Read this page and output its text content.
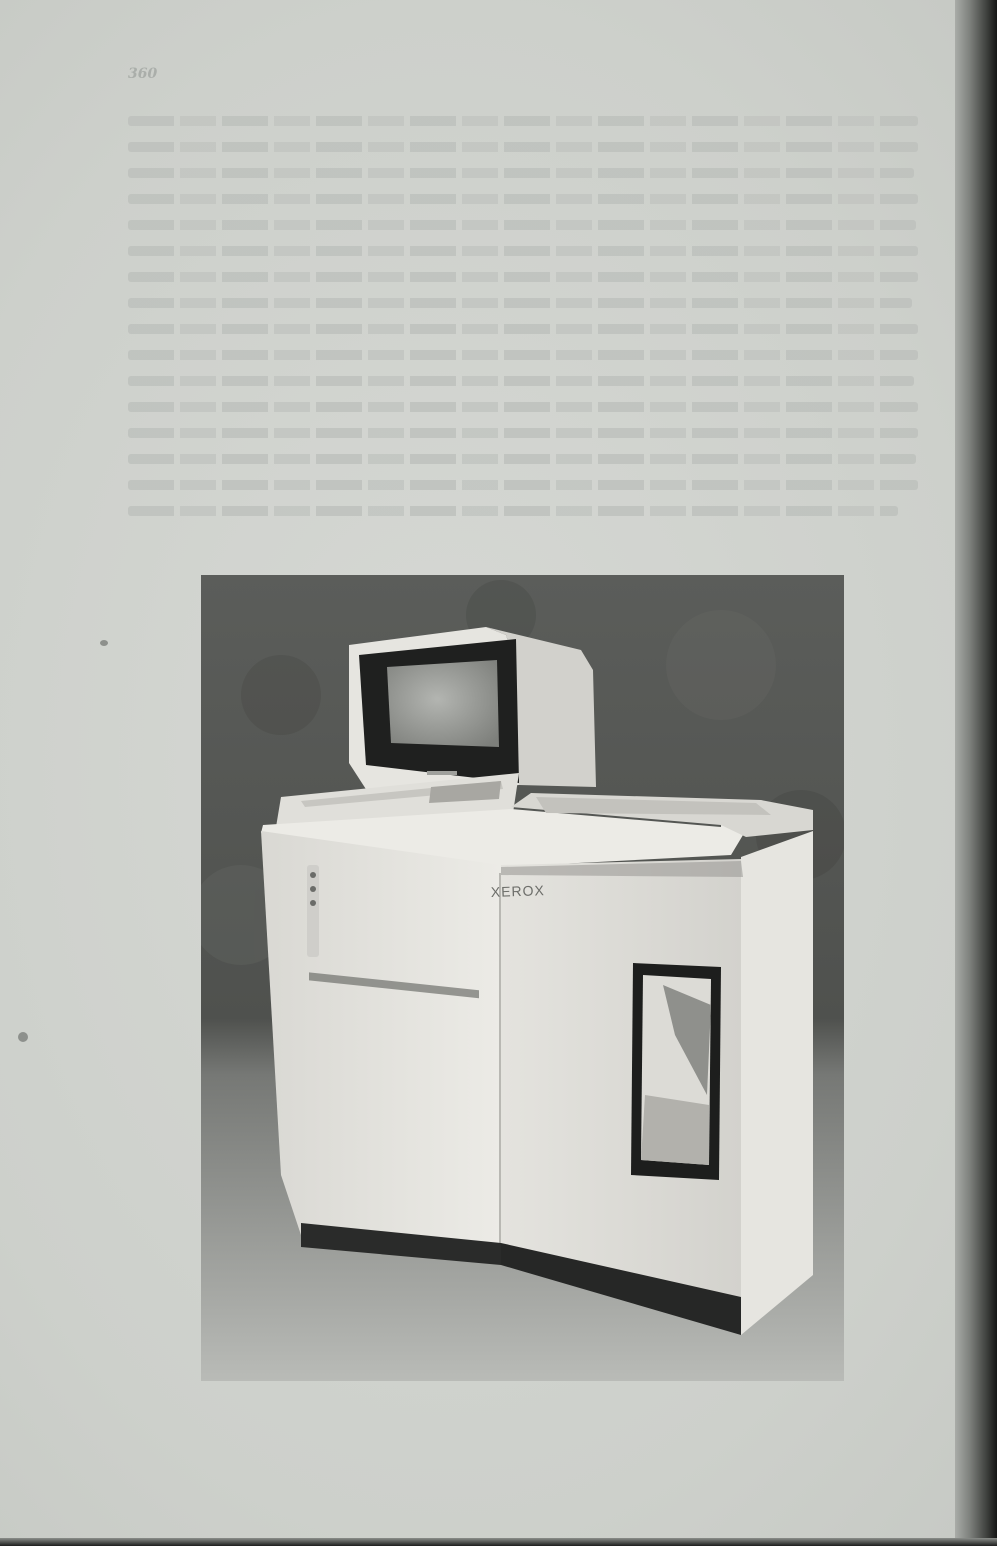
360
XEROX
